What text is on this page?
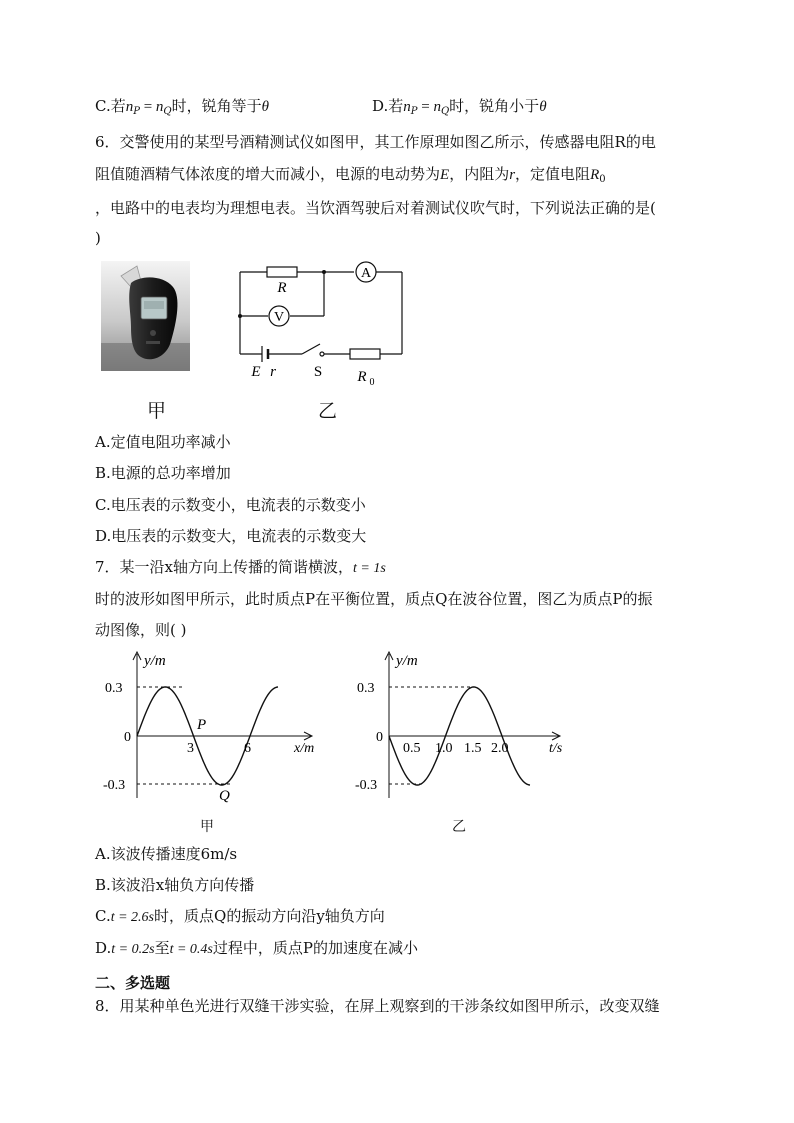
C.若$n_P = n_Q$时，锐角等于θ	D.若$n_P = n_Q$时，锐角小于θ
6．交警使用的某型号酒精测试仪如图甲，其工作原理如图乙所示，传感器电阻R的电
阻值随酒精气体浓度的增大而减小，电源的电动势为E，内阻为r，定值电阻$R_0$
，电路中的电表均为理想电表。当饮酒驾驶后对着测试仪吹气时，下列说法正确的是(
)
甲
A
V
R
E r	S R 0
乙
A.定值电阻功率减小
B.电源的总功率增加
C.电压表的示数变小，电流表的示数变小
D.电压表的示数变大，电流表的示数变大
7．某一沿x轴方向上传播的简谐横波，t = 1s
时的波形如图甲所示，此时质点P在平衡位置，质点Q在波谷位置，图乙为质点P的振
动图像，则( )
y/m
0.3
0
-0.3
3	6	x/m
P
Q
甲
y/m
0.3
0
-0.3
0.5 1.0 1.5 2.0	t/s
乙
A.该波传播速度6m/s
B.该波沿x轴负方向传播
C.t = 2.6s时，质点Q的振动方向沿y轴负方向
D.t = 0.2s至t = 0.4s过程中，质点P的加速度在减小
二、多选题
8．用某种单色光进行双缝干涉实验，在屏上观察到的干涉条纹如图甲所示，改变双缝
